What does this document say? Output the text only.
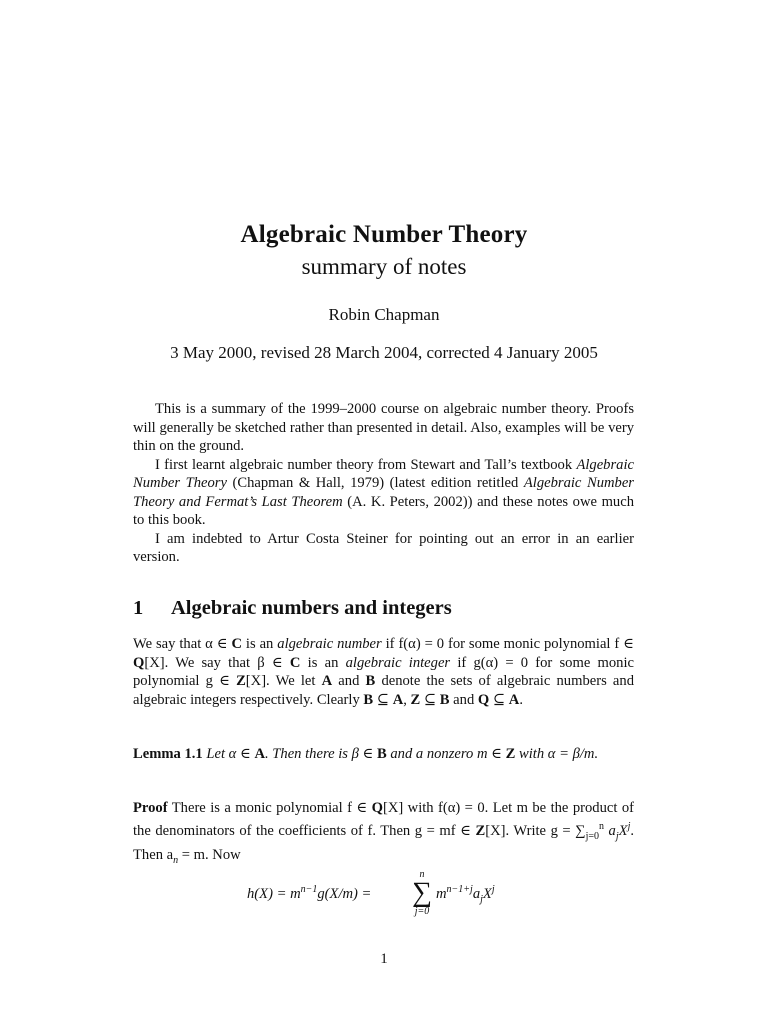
Algebraic Number Theory
summary of notes
Robin Chapman
3 May 2000, revised 28 March 2004, corrected 4 January 2005

This is a summary of the 1999–2000 course on algebraic number theory. Proofs will generally be sketched rather than presented in detail. Also, examples will be very thin on the ground.

I first learnt algebraic number theory from Stewart and Tall’s textbook Algebraic Number Theory (Chapman & Hall, 1979) (latest edition retitled Algebraic Number Theory and Fermat’s Last Theorem (A. K. Peters, 2002)) and these notes owe much to this book.

I am indebted to Artur Costa Steiner for pointing out an error in an earlier version.

1 Algebraic numbers and integers

We say that α ∈ C is an algebraic number if f(α) = 0 for some monic polynomial f ∈ Q[X]. We say that β ∈ C is an algebraic integer if g(α) = 0 for some monic polynomial g ∈ Z[X]. We let A and B denote the sets of algebraic numbers and algebraic integers respectively. Clearly B ⊆ A, Z ⊆ B and Q ⊆ A.

Lemma 1.1 Let α ∈ A. Then there is β ∈ B and a nonzero m ∈ Z with α = β/m.

Proof There is a monic polynomial f ∈ Q[X] with f(α) = 0. Let m be the product of the denominators of the coefficients of f. Then g = mf ∈ Z[X]. Write $g = \sum_{j=0}^n$ $a_jX^j$. Then $a_n = m$. Now

$h(X) = m^{n-1}g(X/m)$ =
n
∑
j=0
$m^{n-1+j}a_jX^j$
1
